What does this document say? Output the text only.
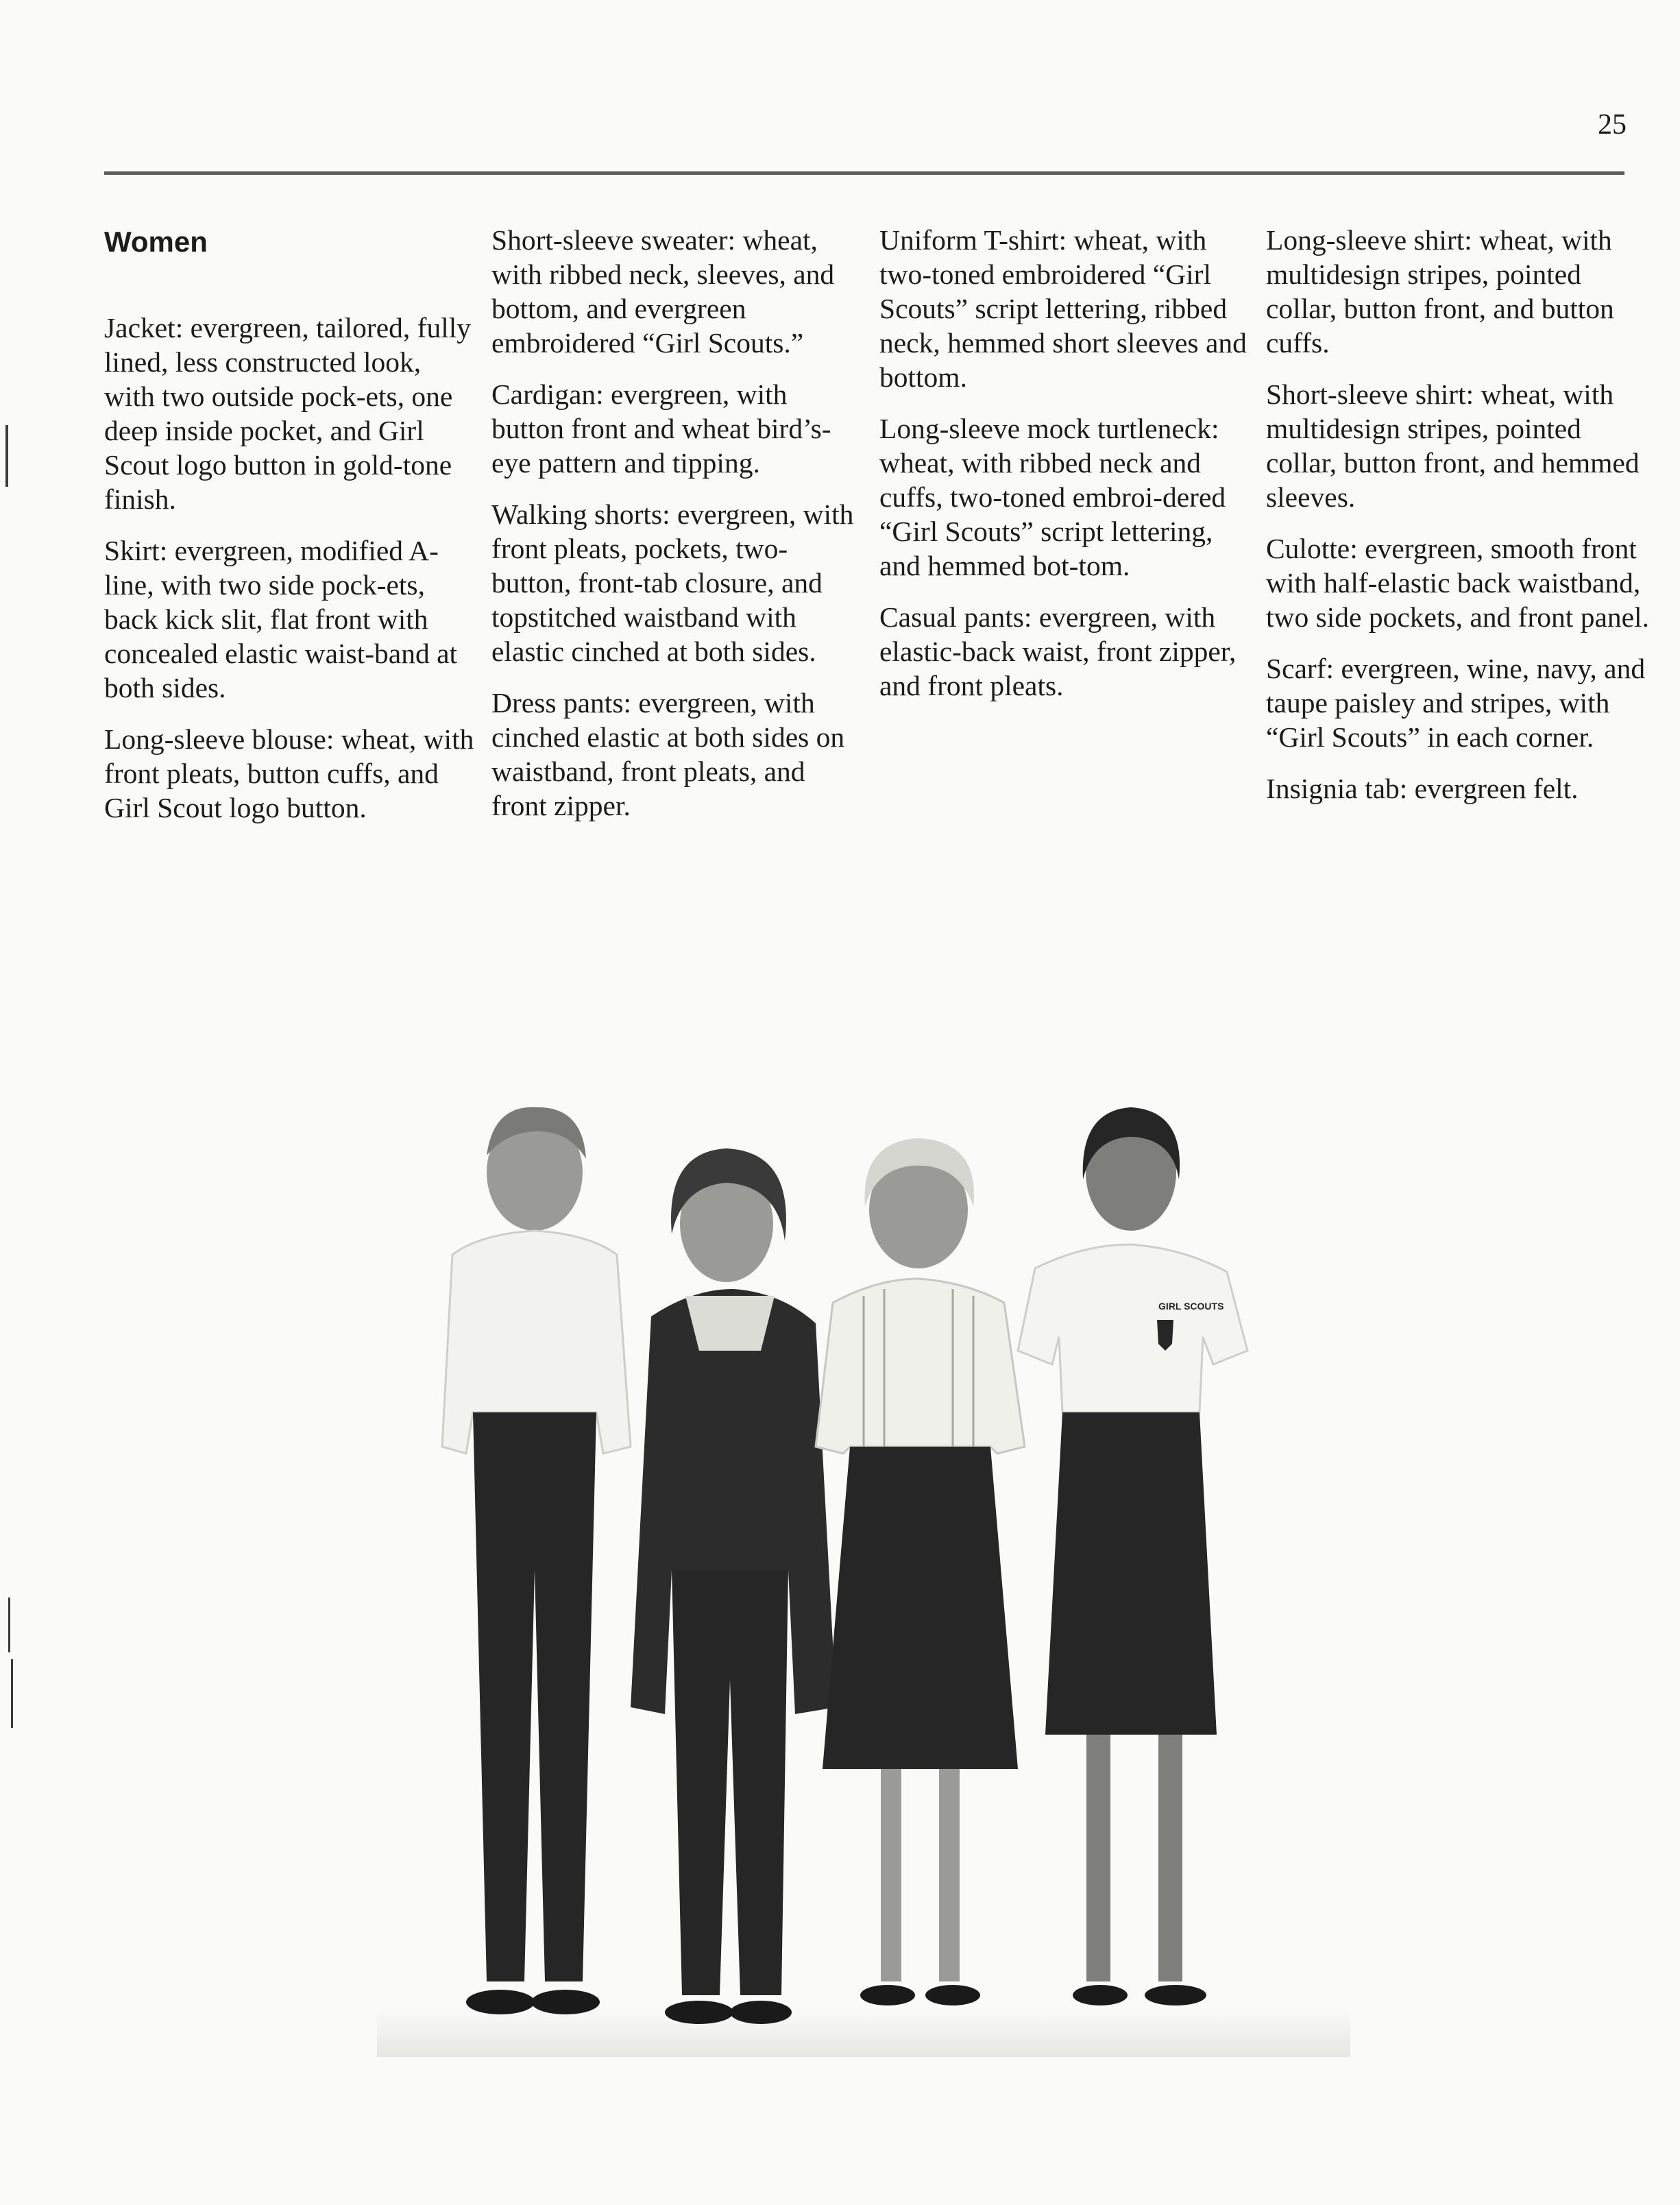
25
Women

Jacket: evergreen, tailored, fully lined, less constructed look, with two outside pock-ets, one deep inside pocket, and Girl Scout logo button in gold-tone finish.

Skirt: evergreen, modified A-line, with two side pock-ets, back kick slit, flat front with concealed elastic waist-band at both sides.

Long-sleeve blouse: wheat, with front pleats, button cuffs, and Girl Scout logo button.

Short-sleeve sweater: wheat, with ribbed neck, sleeves, and bottom, and evergreen embroidered “Girl Scouts.”

Cardigan: evergreen, with button front and wheat bird’s-eye pattern and tipping.

Walking shorts: evergreen, with front pleats, pockets, two-button, front-tab closure, and topstitched waistband with elastic cinched at both sides.

Dress pants: evergreen, with cinched elastic at both sides on waistband, front pleats, and front zipper.

Uniform T-shirt: wheat, with two-toned embroidered “Girl Scouts” script lettering, ribbed neck, hemmed short sleeves and bottom.

Long-sleeve mock turtleneck: wheat, with ribbed neck and cuffs, two-toned embroi-dered “Girl Scouts” script lettering, and hemmed bot-tom.

Casual pants: evergreen, with elastic-back waist, front zipper, and front pleats.

Long-sleeve shirt: wheat, with multidesign stripes, pointed collar, button front, and button cuffs.

Short-sleeve shirt: wheat, with multidesign stripes, pointed collar, button front, and hemmed sleeves.

Culotte: evergreen, smooth front with half-elastic back waistband, two side pockets, and front panel.

Scarf: evergreen, wine, navy, and taupe paisley and stripes, with “Girl Scouts” in each corner.

Insignia tab: evergreen felt.

GIRL SCOUTS
